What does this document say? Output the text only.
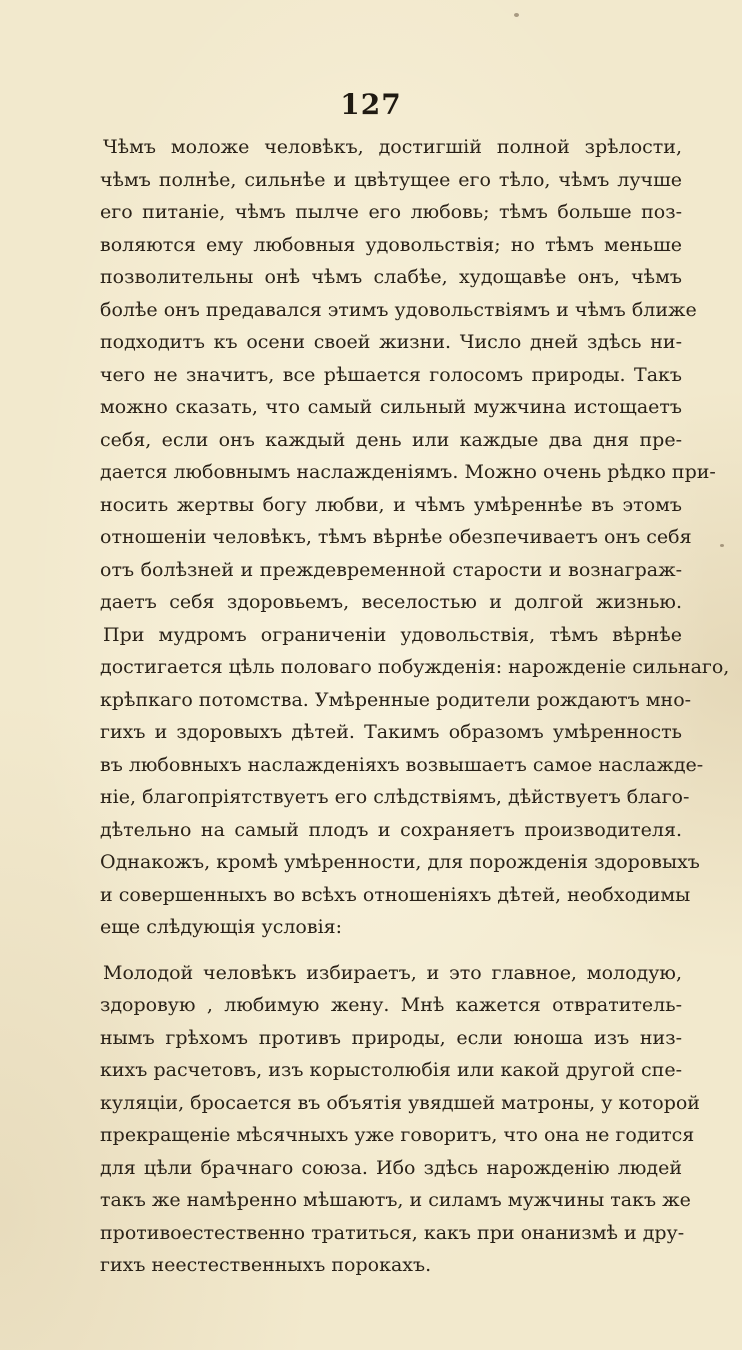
127
Чѣмъ моложе человѣкъ, достигшій полной зрѣлости,
чѣмъ полнѣе, сильнѣе и цвѣтущее его тѣло, чѣмъ лучше
его питаніе, чѣмъ пылче его любовь; тѣмъ больше поз-
воляются ему любовныя удовольствія; но тѣмъ меньше
позволительны онѣ чѣмъ слабѣе, худощавѣе онъ, чѣмъ
болѣе онъ предавался этимъ удовольствіямъ и чѣмъ ближе
подходитъ къ осени своей жизни. Число дней здѣсь ни-
чего не значитъ, все рѣшается голосомъ природы. Такъ
можно сказать, что самый сильный мужчина истощаетъ
себя, если онъ каждый день или каждые два дня пре-
дается любовнымъ наслажденіямъ. Можно очень рѣдко при-
носить жертвы богу любви, и чѣмъ умѣреннѣе въ этомъ
отношеніи человѣкъ, тѣмъ вѣрнѣе обезпечиваетъ онъ себя
отъ болѣзней и преждевременной старости и вознаграж-
даетъ себя здоровьемъ, веселостью и долгой жизнью.
При мудромъ ограниченіи удовольствія, тѣмъ вѣрнѣе
достигается цѣль половаго побужденія: нарожденіе сильнаго,
крѣпкаго потомства. Умѣренные родители рождаютъ мно-
гихъ и здоровыхъ дѣтей. Такимъ образомъ умѣренность
въ любовныхъ наслажденіяхъ возвышаетъ самое наслажде-
ніе, благопріятствуетъ его слѣдствіямъ, дѣйствуетъ благо-
дѣтельно на самый плодъ и сохраняетъ производителя.
Однакожъ, кромѣ умѣренности, для порожденія здоровыхъ
и совершенныхъ во всѣхъ отношеніяхъ дѣтей, необходимы
еще слѣдующія условія:
Молодой человѣкъ избираетъ, и это главное, молодую,
здоровую , любимую жену. Мнѣ кажется отвратитель-
нымъ грѣхомъ противъ природы, если юноша изъ низ-
кихъ расчетовъ, изъ корыстолюбія или какой другой спе-
куляціи, бросается въ объятія увядшей матроны, у которой
прекращеніе мѣсячныхъ уже говоритъ, что она не годится
для цѣли брачнаго союза. Ибо здѣсь нарожденію людей
такъ же намѣренно мѣшаютъ, и силамъ мужчины такъ же
противоестественно тратиться, какъ при онанизмѣ и дру-
гихъ неестественныхъ порокахъ.
